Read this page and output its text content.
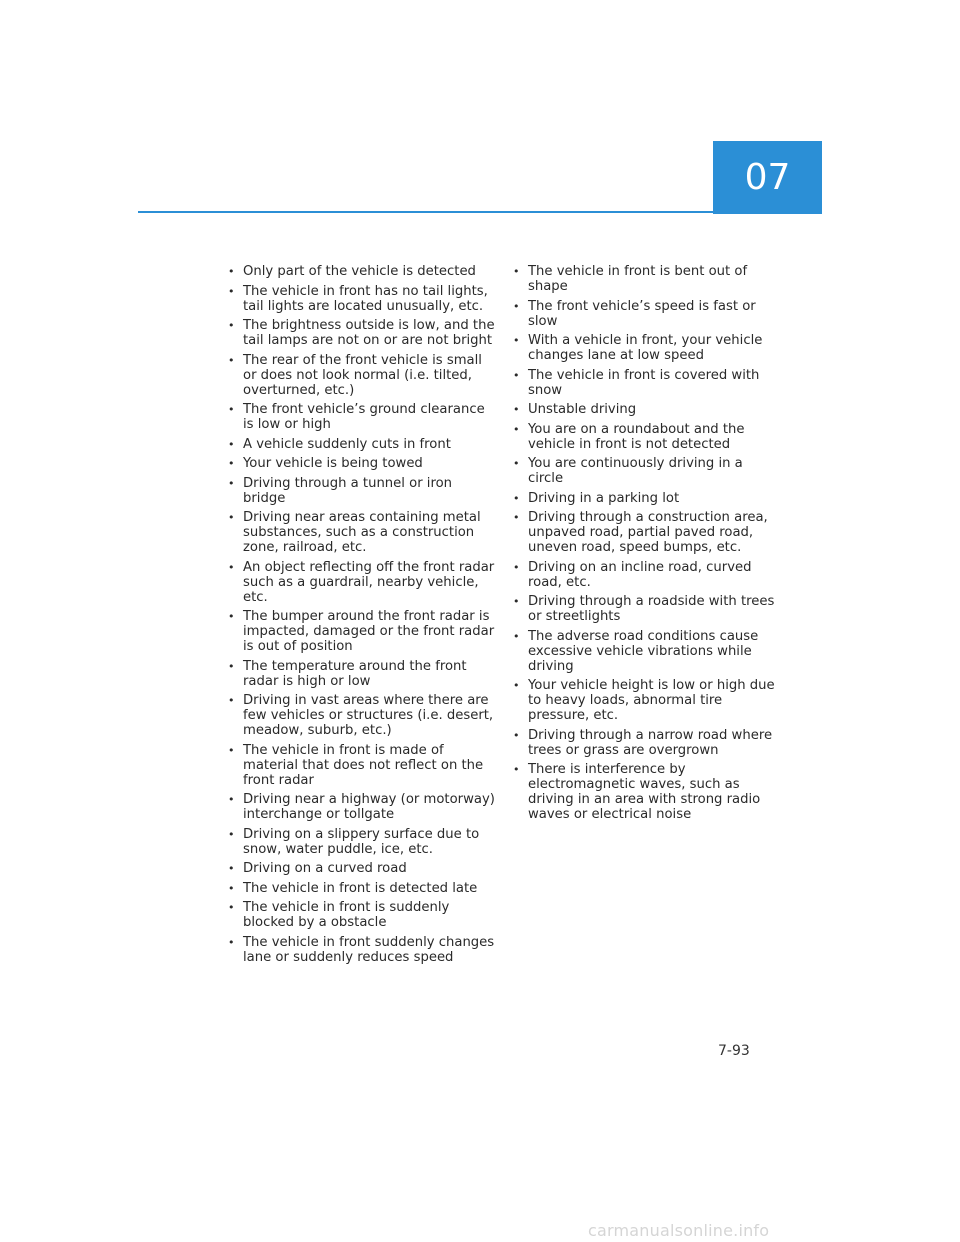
07
• Only part of the vehicle is detected
• The vehicle in front has no tail lights, tail lights are located unusually, etc.
• The brightness outside is low, and the tail lamps are not on or are not bright
• The rear of the front vehicle is small or does not look normal (i.e. tilted, overturned, etc.)
• The front vehicle’s ground clearance is low or high
• A vehicle suddenly cuts in front
• Your vehicle is being towed
• Driving through a tunnel or iron bridge
• Driving near areas containing metal substances, such as a construction zone, railroad, etc.
• An object reflecting off the front radar such as a guardrail, nearby vehicle, etc.
• The bumper around the front radar is impacted, damaged or the front radar is out of position
• The temperature around the front radar is high or low
• Driving in vast areas where there are few vehicles or structures (i.e. desert, meadow, suburb, etc.)
• The vehicle in front is made of material that does not reflect on the front radar
• Driving near a highway (or motorway) interchange or tollgate
• Driving on a slippery surface due to snow, water puddle, ice, etc.
• Driving on a curved road
• The vehicle in front is detected late
• The vehicle in front is suddenly blocked by a obstacle
• The vehicle in front suddenly changes lane or suddenly reduces speed
• The vehicle in front is bent out of shape
• The front vehicle’s speed is fast or slow
• With a vehicle in front, your vehicle changes lane at low speed
• The vehicle in front is covered with snow
• Unstable driving
• You are on a roundabout and the vehicle in front is not detected
• You are continuously driving in a circle
• Driving in a parking lot
• Driving through a construction area, unpaved road, partial paved road, uneven road, speed bumps, etc.
• Driving on an incline road, curved road, etc.
• Driving through a roadside with trees or streetlights
• The adverse road conditions cause excessive vehicle vibrations while driving
• Your vehicle height is low or high due to heavy loads, abnormal tire pressure, etc.
• Driving through a narrow road where trees or grass are overgrown
• There is interference by electromagnetic waves, such as driving in an area with strong radio waves or electrical noise
7-93
carmanualsonline.info
